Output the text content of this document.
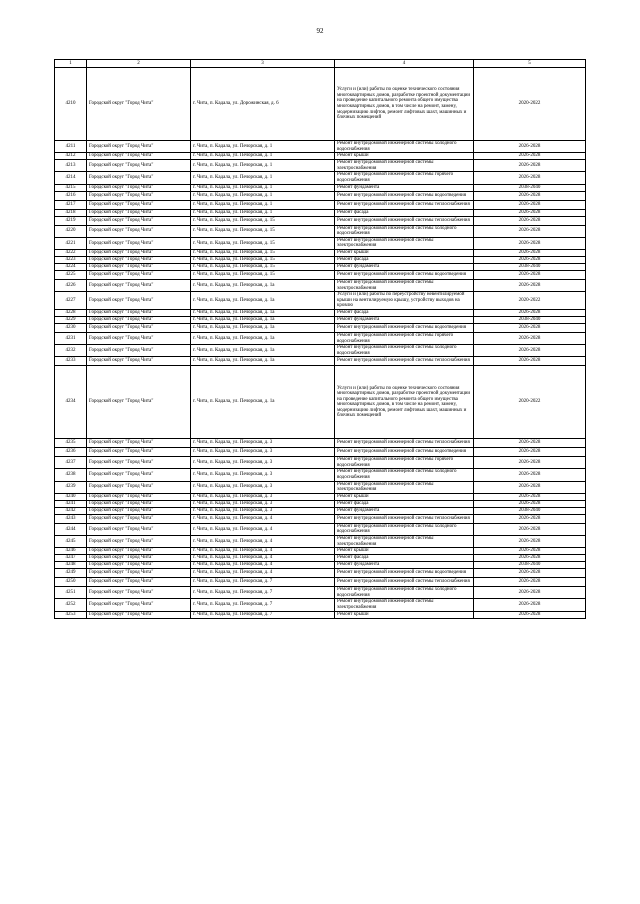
92
1	2	3	4	5
4210	Городской округ "Город Чита"	г. Чита, п. Кадала, ул. Дорожинская, д. 6	Услуги и (или) работы по оценке технического состояния многоквартирных домов, разработке проектной документации на проведение капитального ремонта общего имущества многоквартирных домов, в том числе на ремонт, замену, модернизацию лифтов, ремонт лифтовых шахт, машинных и блочных помещений	2020-2022
4211	Городской округ "Город Чита"	г. Чита, п. Кадала, ул. Печорская, д. 1	Ремонт внутридомовой инженерной системы холодного водоснабжения	2026-2028
4212	Городской округ "Город Чита"	г. Чита, п. Кадала, ул. Печорская, д. 1	Ремонт крыши	2026-2028
4213	Городской округ "Город Чита"	г. Чита, п. Кадала, ул. Печорская, д. 1	Ремонт внутридомовой инженерной системы электроснабжения	2026-2028
4214	Городской округ "Город Чита"	г. Чита, п. Кадала, ул. Печорская, д. 1	Ремонт внутридомовой инженерной системы горячего водоснабжения	2026-2028
4215	Городской округ "Город Чита"	г. Чита, п. Кадала, ул. Печорская, д. 1	Ремонт фундамента	2038-2040
4216	Городской округ "Город Чита"	г. Чита, п. Кадала, ул. Печорская, д. 1	Ремонт внутридомовой инженерной системы водоотведения	2026-2028
4217	Городской округ "Город Чита"	г. Чита, п. Кадала, ул. Печорская, д. 1	Ремонт внутридомовой инженерной системы теплоснабжения	2026-2028
4218	Городской округ "Город Чита"	г. Чита, п. Кадала, ул. Печорская, д. 1	Ремонт фасада	2026-2028
4219	Городской округ "Город Чита"	г. Чита, п. Кадала, ул. Печорская, д. 15	Ремонт внутридомовой инженерной системы теплоснабжения	2026-2028
4220	Городской округ "Город Чита"	г. Чита, п. Кадала, ул. Печорская, д. 15	Ремонт внутридомовой инженерной системы холодного водоснабжения	2026-2028
4221	Городской округ "Город Чита"	г. Чита, п. Кадала, ул. Печорская, д. 15	Ремонт внутридомовой инженерной системы электроснабжения	2026-2028
4222	Городской округ "Город Чита"	г. Чита, п. Кадала, ул. Печорская, д. 15	Ремонт крыши	2026-2028
4223	Городской округ "Город Чита"	г. Чита, п. Кадала, ул. Печорская, д. 15	Ремонт фасада	2026-2028
4224	Городской округ "Город Чита"	г. Чита, п. Кадала, ул. Печорская, д. 15	Ремонт фундамента	2038-2040
4225	Городской округ "Город Чита"	г. Чита, п. Кадала, ул. Печорская, д. 15	Ремонт внутридомовой инженерной системы водоотведения	2026-2028
4226	Городской округ "Город Чита"	г. Чита, п. Кадала, ул. Печорская, д. 1а	Ремонт внутридомовой инженерной системы электроснабжения	2026-2028
4227	Городской округ "Город Чита"	г. Чита, п. Кадала, ул. Печорская, д. 1а	Услуги и (или) работы по переустройству невентилируемой крыши на вентилируемую крышу, устройству выходов на кровлю	2020-2022
4228	Городской округ "Город Чита"	г. Чита, п. Кадала, ул. Печорская, д. 1а	Ремонт фасада	2026-2028
4229	Городской округ "Город Чита"	г. Чита, п. Кадала, ул. Печорская, д. 1а	Ремонт фундамента	2038-2040
4230	Городской округ "Город Чита"	г. Чита, п. Кадала, ул. Печорская, д. 1а	Ремонт внутридомовой инженерной системы водоотведения	2026-2028
4231	Городской округ "Город Чита"	г. Чита, п. Кадала, ул. Печорская, д. 1а	Ремонт внутридомовой инженерной системы горячего водоснабжения	2026-2028
4232	Городской округ "Город Чита"	г. Чита, п. Кадала, ул. Печорская, д. 1а	Ремонт внутридомовой инженерной системы холодного водоснабжения	2026-2028
4233	Городской округ "Город Чита"	г. Чита, п. Кадала, ул. Печорская, д. 1а	Ремонт внутридомовой инженерной системы теплоснабжения	2026-2028
4234	Городской округ "Город Чита"	г. Чита, п. Кадала, ул. Печорская, д. 1а	Услуги и (или) работы по оценке технического состояния многоквартирных домов, разработке проектной документации на проведение капитального ремонта общего имущества многоквартирных домов, в том числе на ремонт, замену, модернизацию лифтов, ремонт лифтовых шахт, машинных и блочных помещений	2020-2022
4235	Городской округ "Город Чита"	г. Чита, п. Кадала, ул. Печорская, д. 3	Ремонт внутридомовой инженерной системы теплоснабжения	2026-2028
4236	Городской округ "Город Чита"	г. Чита, п. Кадала, ул. Печорская, д. 3	Ремонт внутридомовой инженерной системы водоотведения	2026-2028
4237	Городской округ "Город Чита"	г. Чита, п. Кадала, ул. Печорская, д. 3	Ремонт внутридомовой инженерной системы горячего водоснабжения	2026-2028
4238	Городской округ "Город Чита"	г. Чита, п. Кадала, ул. Печорская, д. 3	Ремонт внутридомовой инженерной системы холодного водоснабжения	2026-2028
4239	Городской округ "Город Чита"	г. Чита, п. Кадала, ул. Печорская, д. 3	Ремонт внутридомовой инженерной системы электроснабжения	2026-2028
4240	Городской округ "Город Чита"	г. Чита, п. Кадала, ул. Печорская, д. 3	Ремонт крыши	2026-2028
4241	Городской округ "Город Чита"	г. Чита, п. Кадала, ул. Печорская, д. 3	Ремонт фасада	2026-2028
4242	Городской округ "Город Чита"	г. Чита, п. Кадала, ул. Печорская, д. 3	Ремонт фундамента	2038-2040
4243	Городской округ "Город Чита"	г. Чита, п. Кадала, ул. Печорская, д. 4	Ремонт внутридомовой инженерной системы теплоснабжения	2026-2028
4244	Городской округ "Город Чита"	г. Чита, п. Кадала, ул. Печорская, д. 4	Ремонт внутридомовой инженерной системы холодного водоснабжения	2026-2028
4245	Городской округ "Город Чита"	г. Чита, п. Кадала, ул. Печорская, д. 4	Ремонт внутридомовой инженерной системы электроснабжения	2026-2028
4246	Городской округ "Город Чита"	г. Чита, п. Кадала, ул. Печорская, д. 4	Ремонт крыши	2026-2028
4247	Городской округ "Город Чита"	г. Чита, п. Кадала, ул. Печорская, д. 4	Ремонт фасада	2026-2028
4248	Городской округ "Город Чита"	г. Чита, п. Кадала, ул. Печорская, д. 4	Ремонт фундамента	2038-2040
4249	Городской округ "Город Чита"	г. Чита, п. Кадала, ул. Печорская, д. 4	Ремонт внутридомовой инженерной системы водоотведения	2026-2028
4250	Городской округ "Город Чита"	г. Чита, п. Кадала, ул. Печорская, д. 7	Ремонт внутридомовой инженерной системы теплоснабжения	2026-2028
4251	Городской округ "Город Чита"	г. Чита, п. Кадала, ул. Печорская, д. 7	Ремонт внутридомовой инженерной системы холодного водоснабжения	2026-2028
4252	Городской округ "Город Чита"	г. Чита, п. Кадала, ул. Печорская, д. 7	Ремонт внутридомовой инженерной системы электроснабжения	2026-2028
4253	Городской округ "Город Чита"	г. Чита, п. Кадала, ул. Печорская, д. 7	Ремонт крыши	2026-2028
